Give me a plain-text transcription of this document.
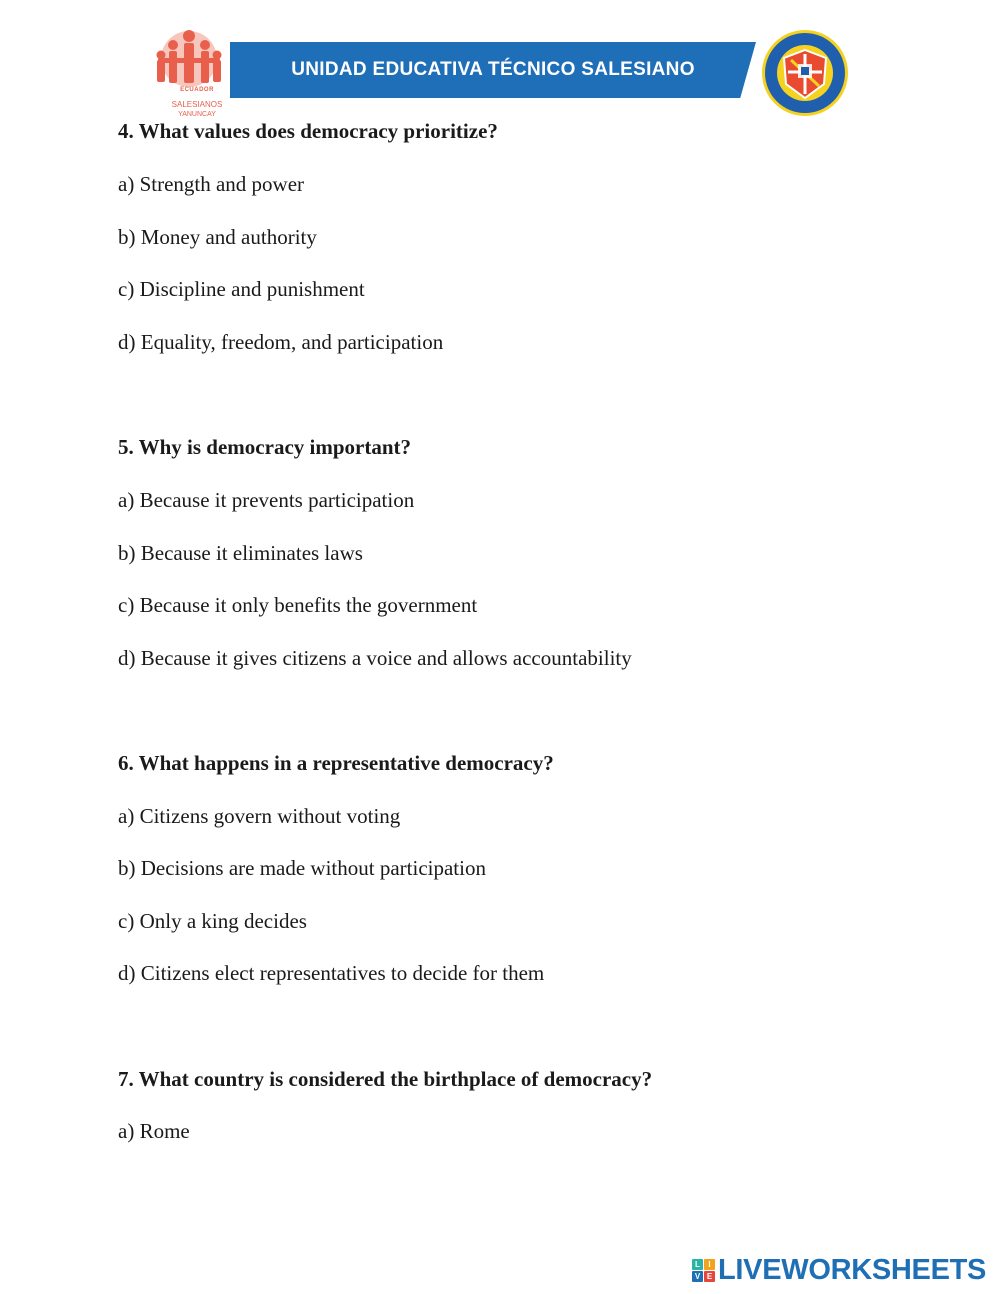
ECUADOR
SALESIANOS
YANUNCAY
UNIDAD EDUCATIVA TÉCNICO SALESIANO
4. What values does democracy prioritize?
a) Strength and power
b) Money and authority
c) Discipline and punishment
d) Equality, freedom, and participation
5. Why is democracy important?
a) Because it prevents participation
b) Because it eliminates laws
c) Because it only benefits the government
d) Because it gives citizens a voice and allows accountability
6. What happens in a representative democracy?
a) Citizens govern without voting
b) Decisions are made without participation
c) Only a king decides
d) Citizens elect representatives to decide for them
7. What country is considered the birthplace of democracy?
a) Rome
L	I
V E LIVEWORKSHEETS
